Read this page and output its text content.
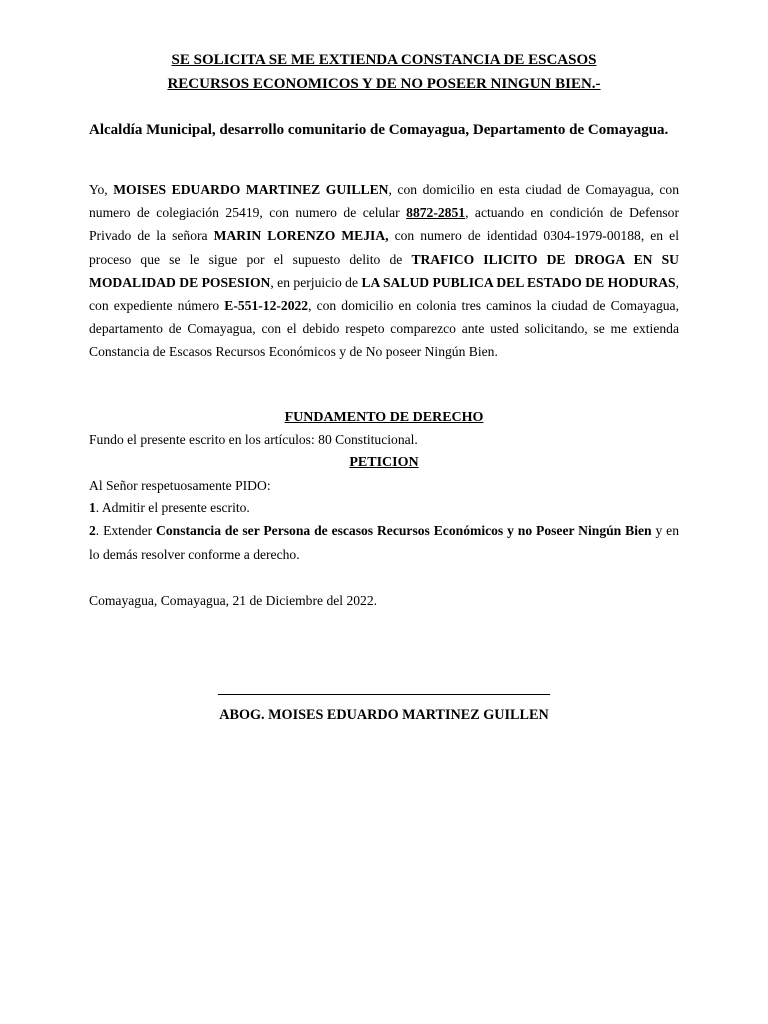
SE SOLICITA SE ME EXTIENDA CONSTANCIA DE ESCASOS
RECURSOS ECONOMICOS Y DE NO POSEER NINGUN BIEN.-
Alcaldía Municipal, desarrollo comunitario de Comayagua, Departamento de Comayagua.
Yo, MOISES EDUARDO MARTINEZ GUILLEN, con domicilio en esta ciudad de Comayagua, con numero de colegiación 25419, con numero de celular 8872-2851, actuando en condición de Defensor Privado de la señora MARIN LORENZO MEJIA, con numero de identidad 0304-1979-00188, en el proceso que se le sigue por el supuesto delito de TRAFICO ILICITO DE DROGA EN SU MODALIDAD DE POSESION, en perjuicio de LA SALUD PUBLICA DEL ESTADO DE HODURAS, con expediente número E-551-12-2022, con domicilio en colonia tres caminos la ciudad de Comayagua, departamento de Comayagua, con el debido respeto comparezco ante usted solicitando, se me extienda Constancia de Escasos Recursos Económicos y de No poseer Ningún Bien.
FUNDAMENTO DE DERECHO
Fundo el presente escrito en los artículos: 80 Constitucional.
PETICION
Al Señor respetuosamente PIDO:
1. Admitir el presente escrito.
2. Extender Constancia de ser Persona de escasos Recursos Económicos y no Poseer Ningún Bien y en lo demás resolver conforme a derecho.
Comayagua, Comayagua, 21 de Diciembre del 2022.
ABOG. MOISES EDUARDO MARTINEZ GUILLEN
